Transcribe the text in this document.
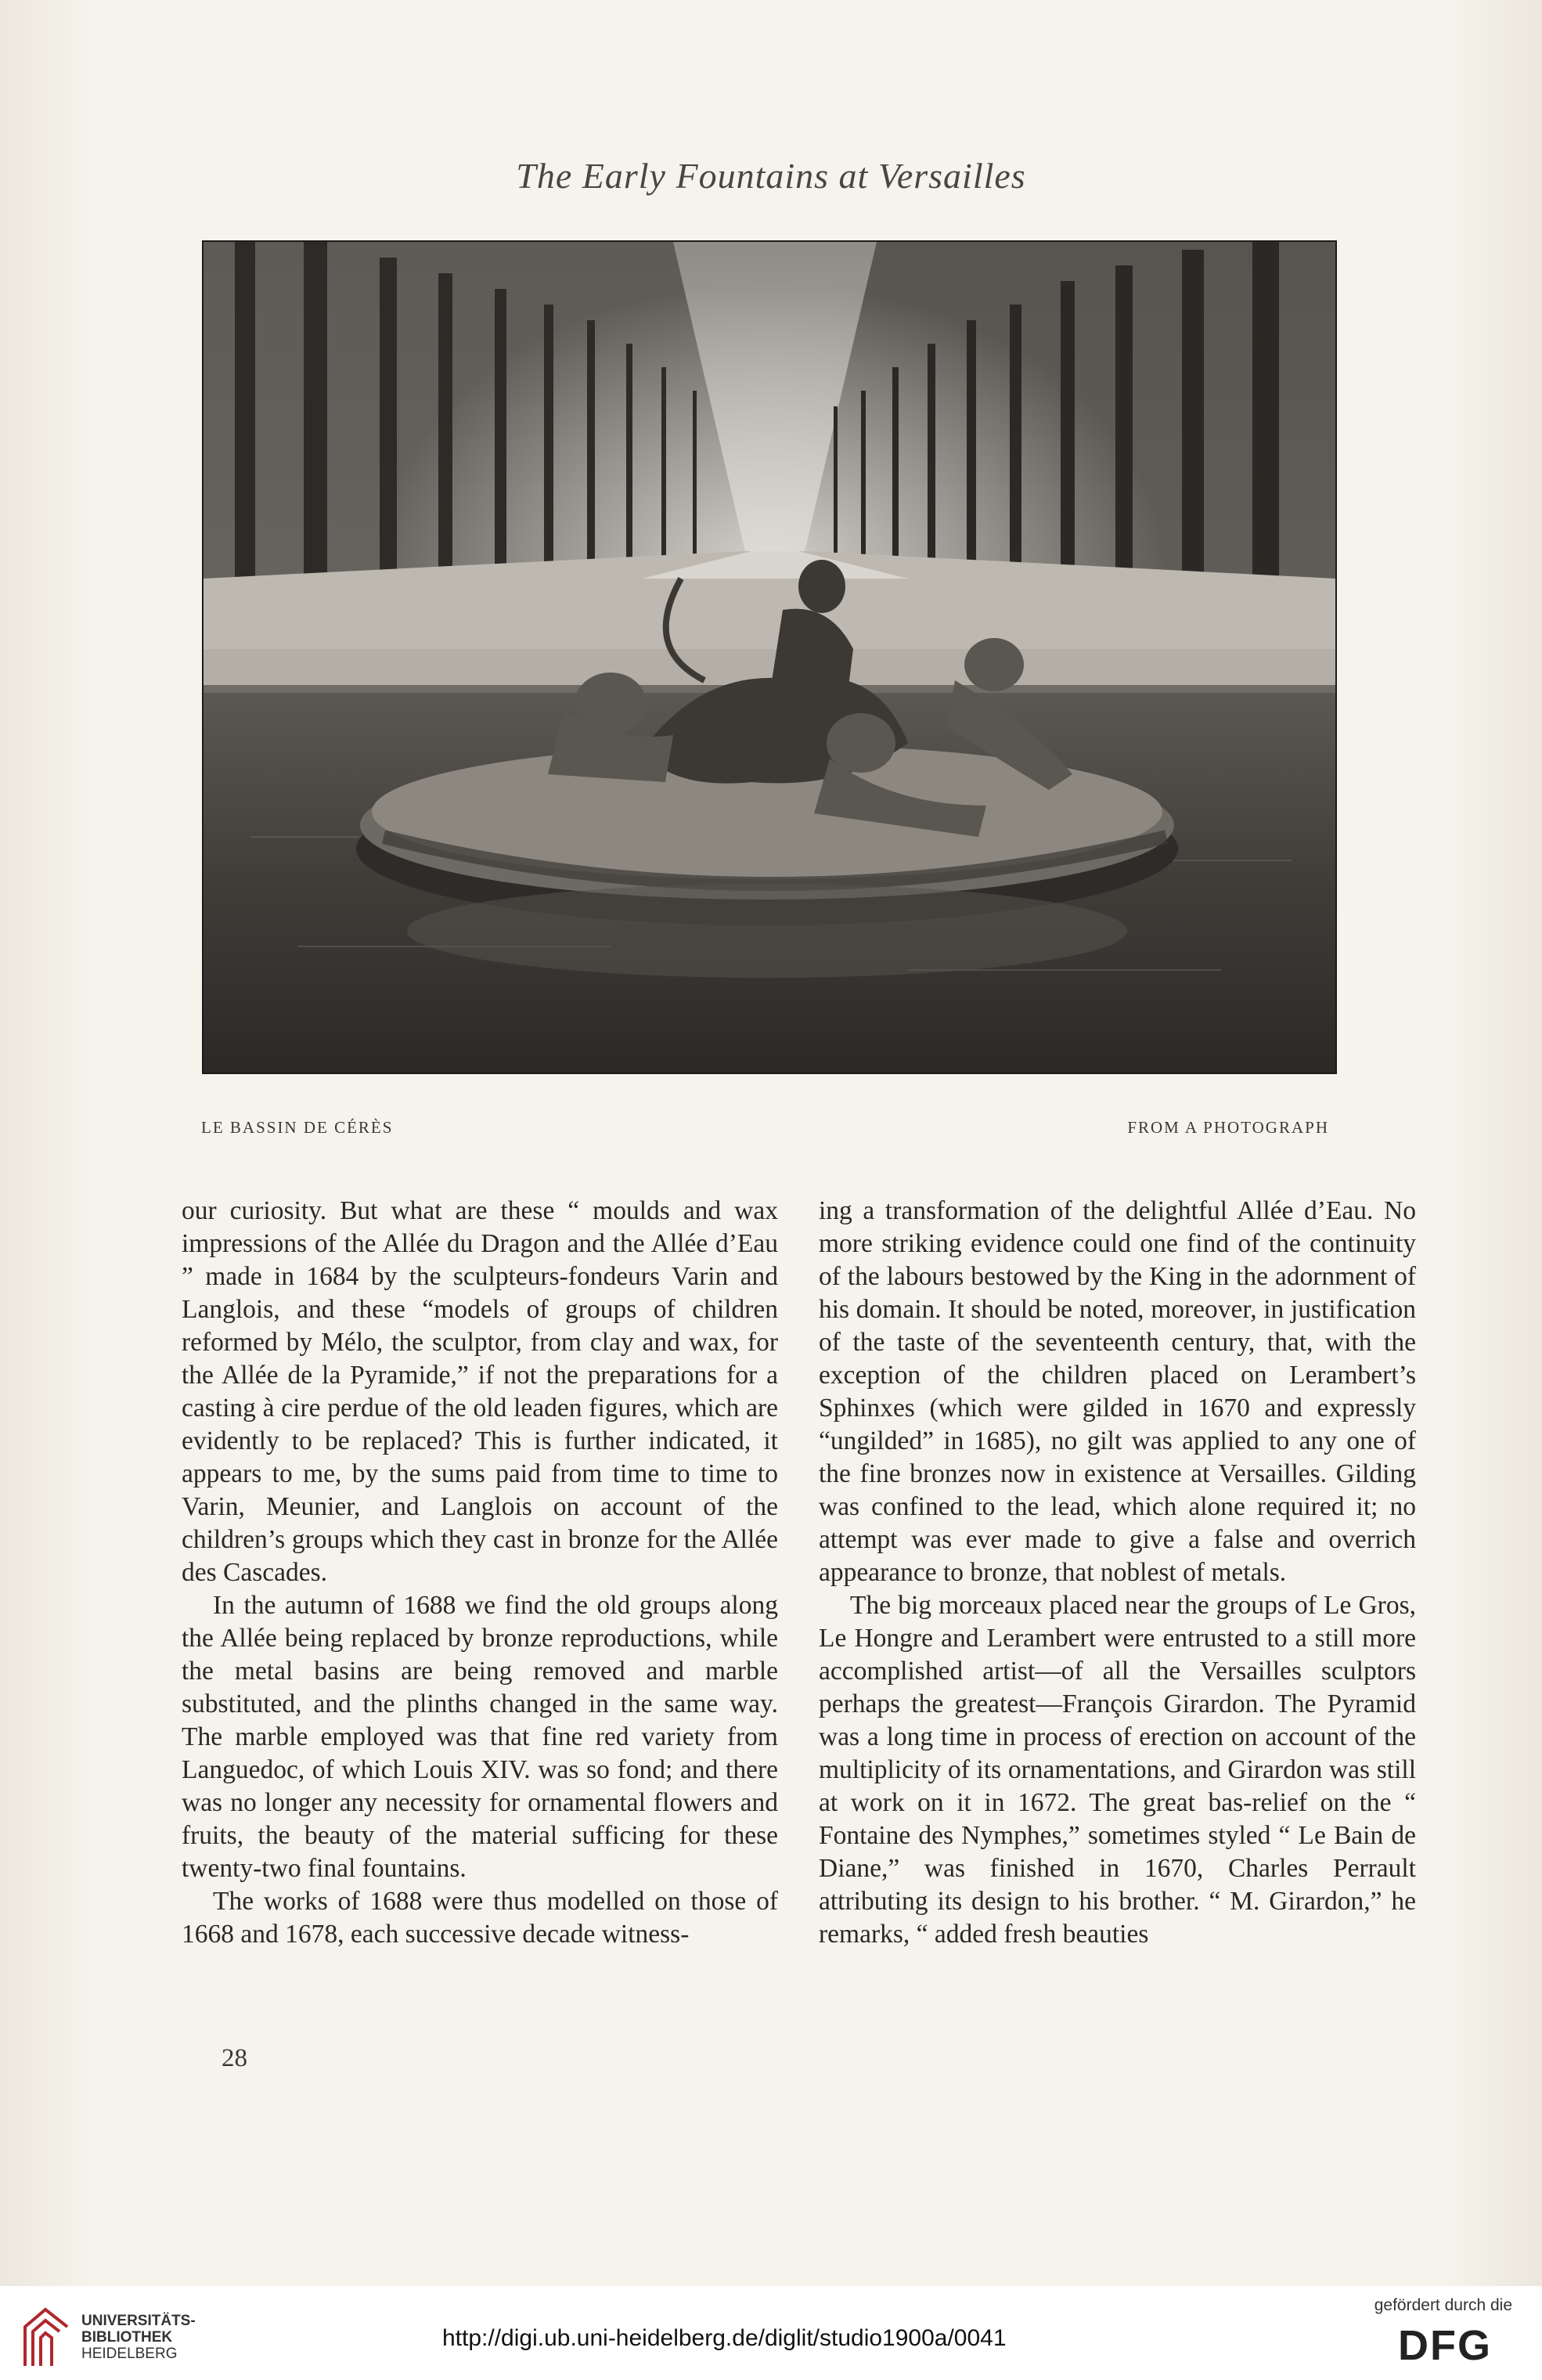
The Early Fountains at Versailles
LE BASSIN DE CÉRÈS	FROM A PHOTOGRAPH

our curiosity. But what are these “ moulds and wax impressions of the Allée du Dragon and the Allée d’Eau ” made in 1684 by the sculpteurs-fondeurs Varin and Langlois, and these “models of groups of children reformed by Mélo, the sculptor, from clay and wax, for the Allée de la Pyramide,” if not the preparations for a casting à cire perdue of the old leaden figures, which are evidently to be replaced? This is further indicated, it appears to me, by the sums paid from time to time to Varin, Meunier, and Langlois on account of the children’s groups which they cast in bronze for the Allée des Cascades.

In the autumn of 1688 we find the old groups along the Allée being replaced by bronze reproductions, while the metal basins are being removed and marble substituted, and the plinths changed in the same way. The marble employed was that fine red variety from Languedoc, of which Louis XIV. was so fond; and there was no longer any necessity for ornamental flowers and fruits, the beauty of the material sufficing for these twenty-two final fountains.

The works of 1688 were thus modelled on those of 1668 and 1678, each successive decade witness-

ing a transformation of the delightful Allée d’Eau. No more striking evidence could one find of the continuity of the labours bestowed by the King in the adornment of his domain. It should be noted, moreover, in justification of the taste of the seventeenth century, that, with the exception of the children placed on Lerambert’s Sphinxes (which were gilded in 1670 and expressly “ungilded” in 1685), no gilt was applied to any one of the fine bronzes now in existence at Versailles. Gilding was confined to the lead, which alone required it; no attempt was ever made to give a false and overrich appearance to bronze, that noblest of metals.

The big morceaux placed near the groups of Le Gros, Le Hongre and Lerambert were entrusted to a still more accomplished artist—of all the Versailles sculptors perhaps the greatest—François Girardon. The Pyramid was a long time in process of erection on account of the multiplicity of its ornamentations, and Girardon was still at work on it in 1672. The great bas-relief on the “ Fontaine des Nymphes,” sometimes styled “ Le Bain de Diane,” was finished in 1670, Charles Perrault attributing its design to his brother. “ M. Girardon,” he remarks, “ added fresh beauties

28
UNIVERSITÄTS-
BIBLIOTHEK
HEIDELBERG
http://digi.ub.uni-heidelberg.de/diglit/studio1900a/0041
gefördert durch die
DFG
